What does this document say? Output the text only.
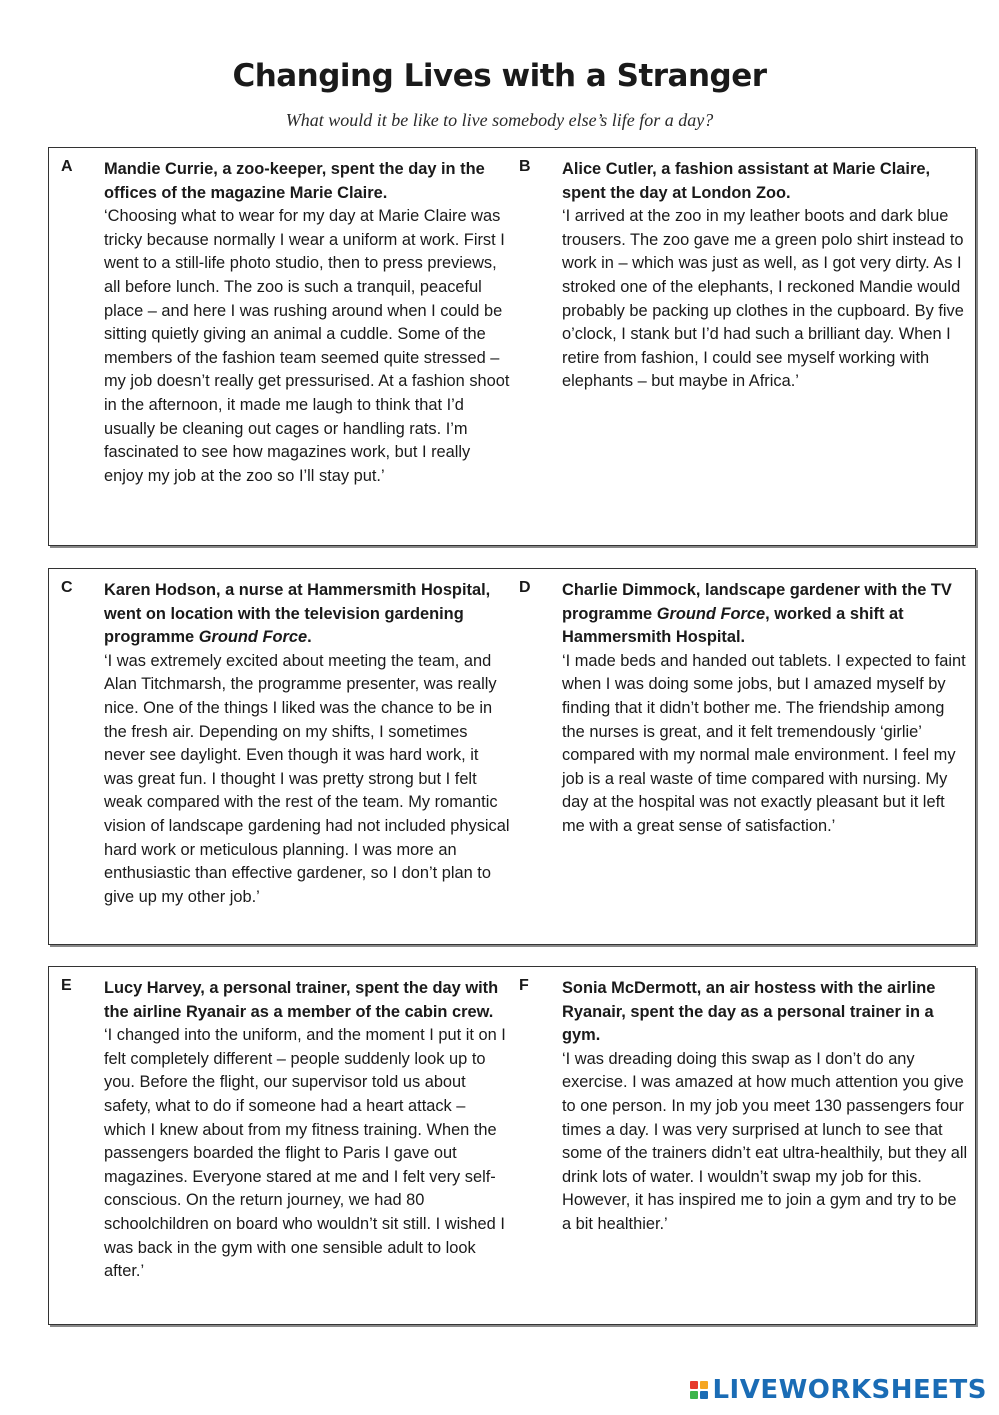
Changing Lives with a Stranger

What would it be like to live somebody else’s life for a day?

A	Mandie Currie, a zoo-keeper, spent the day in the offices of the magazine Marie Claire.
‘Choosing what to wear for my day at Marie Claire was tricky because normally I wear a uniform at work. First I went to a still-life photo studio, then to press previews, all before lunch. The zoo is such a tranquil, peaceful place – and here I was rushing around when I could be sitting quietly giving an animal a cuddle. Some of the members of the fashion team seemed quite stressed – my job doesn’t really get pressurised. At a fashion shoot in the afternoon, it made me laugh to think that I’d usually be cleaning out cages or handling rats. I’m fascinated to see how magazines work, but I really enjoy my job at the zoo so I’ll stay put.’
B	Alice Cutler, a fashion assistant at Marie Claire, spent the day at London Zoo.
‘I arrived at the zoo in my leather boots and dark blue trousers. The zoo gave me a green polo shirt instead to work in – which was just as well, as I got very dirty. As I stroked one of the elephants, I reckoned Mandie would probably be packing up clothes in the cupboard. By five o’clock, I stank but I’d had such a brilliant day. When I retire from fashion, I could see myself working with elephants – but maybe in Africa.’
C	Karen Hodson, a nurse at Hammersmith Hospital, went on location with the television gardening programme Ground Force.
‘I was extremely excited about meeting the team, and Alan Titchmarsh, the programme presenter, was really nice. One of the things I liked was the chance to be in the fresh air. Depending on my shifts, I sometimes never see daylight. Even though it was hard work, it was great fun. I thought I was pretty strong but I felt weak compared with the rest of the team. My romantic vision of landscape gardening had not included physical hard work or meticulous planning. I was more an enthusiastic than effective gardener, so I don’t plan to give up my other job.’
D	Charlie Dimmock, landscape gardener with the TV programme Ground Force, worked a shift at Hammersmith Hospital.
‘I made beds and handed out tablets. I expected to faint when I was doing some jobs, but I amazed myself by finding that it didn’t bother me. The friendship among the nurses is great, and it felt tremendously ‘girlie’ compared with my normal male environment. I feel my job is a real waste of time compared with nursing. My day at the hospital was not exactly pleasant but it left me with a great sense of satisfaction.’
E	Lucy Harvey, a personal trainer, spent the day with the airline Ryanair as a member of the cabin crew.
‘I changed into the uniform, and the moment I put it on I felt completely different – people suddenly look up to you. Before the flight, our supervisor told us about safety, what to do if someone had a heart attack – which I knew about from my fitness training. When the passengers boarded the flight to Paris I gave out magazines. Everyone stared at me and I felt very self-conscious. On the return journey, we had 80 schoolchildren on board who wouldn’t sit still. I wished I was back in the gym with one sensible adult to look after.’
F	Sonia McDermott, an air hostess with the airline Ryanair, spent the day as a personal trainer in a gym.
‘I was dreading doing this swap as I don’t do any exercise. I was amazed at how much attention you give to one person. In my job you meet 130 passengers four times a day. I was very surprised at lunch to see that some of the trainers didn’t eat ultra-healthily, but they all drink lots of water. I wouldn’t swap my job for this. However, it has inspired me to join a gym and try to be a bit healthier.’
LIVEWORKSHEETS
